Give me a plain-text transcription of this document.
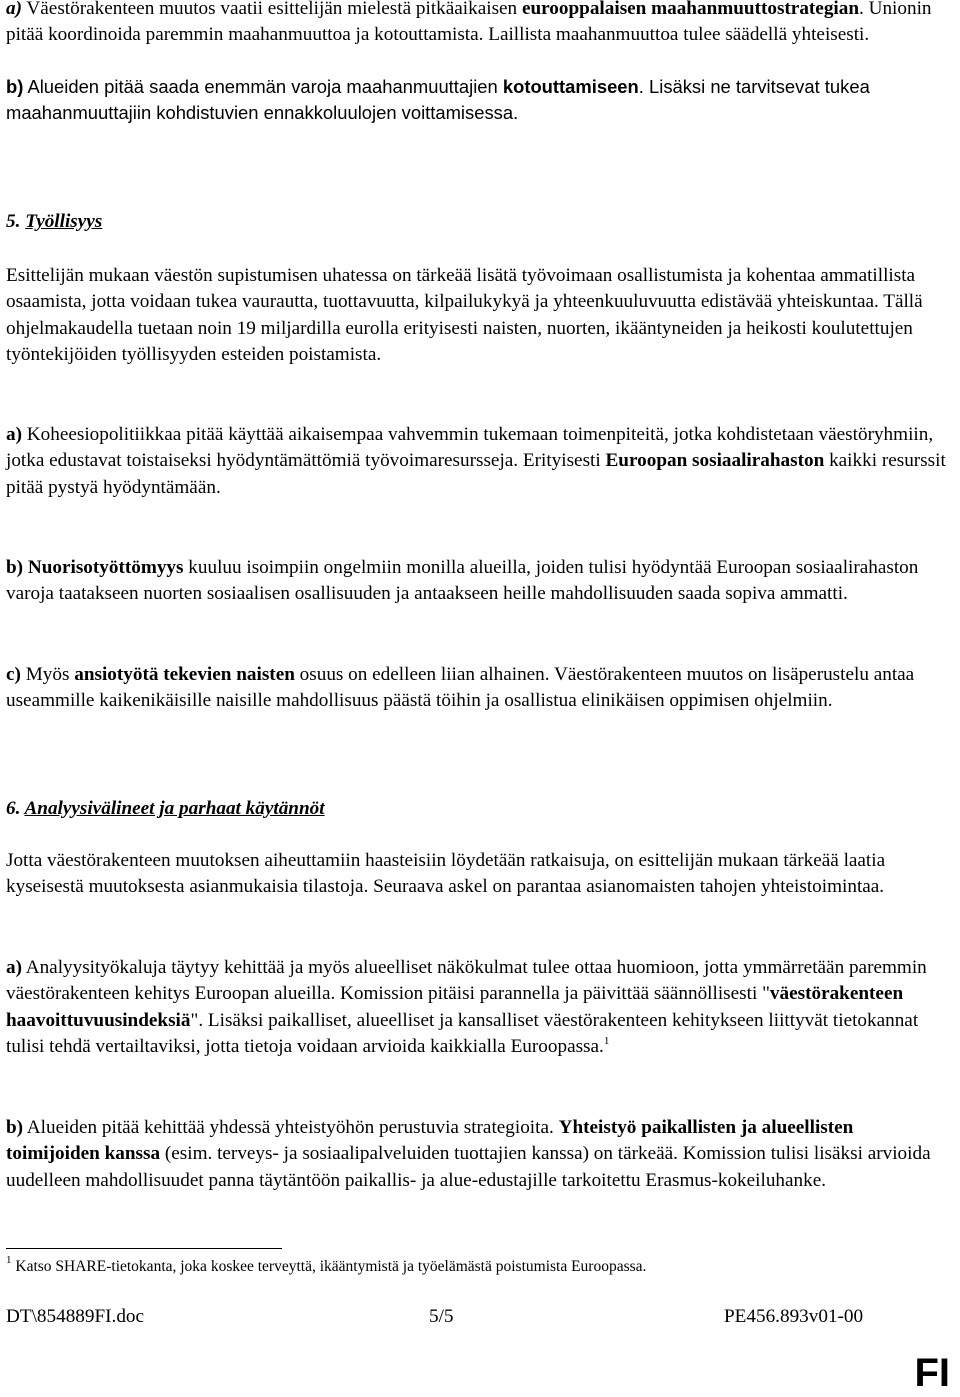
a) Väestörakenteen muutos vaatii esittelijän mielestä pitkäaikaisen eurooppalaisen maahanmuuttostrategian. Unionin pitää koordinoida paremmin maahanmuuttoa ja kotouttamista. Laillista maahanmuuttoa tulee säädellä yhteisesti.

b) Alueiden pitää saada enemmän varoja maahanmuuttajien kotouttamiseen. Lisäksi ne tarvitsevat tukea maahanmuuttajiin kohdistuvien ennakkoluulojen voittamisessa.

5. Työllisyys

Esittelijän mukaan väestön supistumisen uhatessa on tärkeää lisätä työvoimaan osallistumista ja kohentaa ammatillista osaamista, jotta voidaan tukea vaurautta, tuottavuutta, kilpailukykyä ja yhteenkuuluvuutta edistävää yhteiskuntaa. Tällä ohjelmakaudella tuetaan noin 19 miljardilla eurolla erityisesti naisten, nuorten, ikääntyneiden ja heikosti koulutettujen työntekijöiden työllisyyden esteiden poistamista.

a) Koheesiopolitiikkaa pitää käyttää aikaisempaa vahvemmin tukemaan toimenpiteitä, jotka kohdistetaan väestöryhmiin, jotka edustavat toistaiseksi hyödyntämättömiä työvoimaresursseja. Erityisesti Euroopan sosiaalirahaston kaikki resurssit pitää pystyä hyödyntämään.

b) Nuorisotyöttömyys kuuluu isoimpiin ongelmiin monilla alueilla, joiden tulisi hyödyntää Euroopan sosiaalirahaston varoja taatakseen nuorten sosiaalisen osallisuuden ja antaakseen heille mahdollisuuden saada sopiva ammatti.

c) Myös ansiotyötä tekevien naisten osuus on edelleen liian alhainen. Väestörakenteen muutos on lisäperustelu antaa useammille kaikenikäisille naisille mahdollisuus päästä töihin ja osallistua elinikäisen oppimisen ohjelmiin.

6. Analyysivälineet ja parhaat käytännöt

Jotta väestörakenteen muutoksen aiheuttamiin haasteisiin löydetään ratkaisuja, on esittelijän mukaan tärkeää laatia kyseisestä muutoksesta asianmukaisia tilastoja. Seuraava askel on parantaa asianomaisten tahojen yhteistoimintaa.

a) Analyysityökaluja täytyy kehittää ja myös alueelliset näkökulmat tulee ottaa huomioon, jotta ymmärretään paremmin väestörakenteen kehitys Euroopan alueilla. Komission pitäisi parannella ja päivittää säännöllisesti "väestörakenteen haavoittuvuusindeksiä". Lisäksi paikalliset, alueelliset ja kansalliset väestörakenteen kehitykseen liittyvät tietokannat tulisi tehdä vertailtaviksi, jotta tietoja voidaan arvioida kaikkialla Euroopassa.$^1$

b) Alueiden pitää kehittää yhdessä yhteistyöhön perustuvia strategioita. Yhteistyö paikallisten ja alueellisten toimijoiden kanssa (esim. terveys- ja sosiaalipalveluiden tuottajien kanssa) on tärkeää. Komission tulisi lisäksi arvioida uudelleen mahdollisuudet panna täytäntöön paikallis- ja alue-edustajille tarkoitettu Erasmus-kokeiluhanke.

$^1$ Katso SHARE-tietokanta, joka koskee terveyttä, ikääntymistä ja työelämästä poistumista Euroopassa.
DT\854889FI.doc	5/5	PE456.893v01-00
FI
